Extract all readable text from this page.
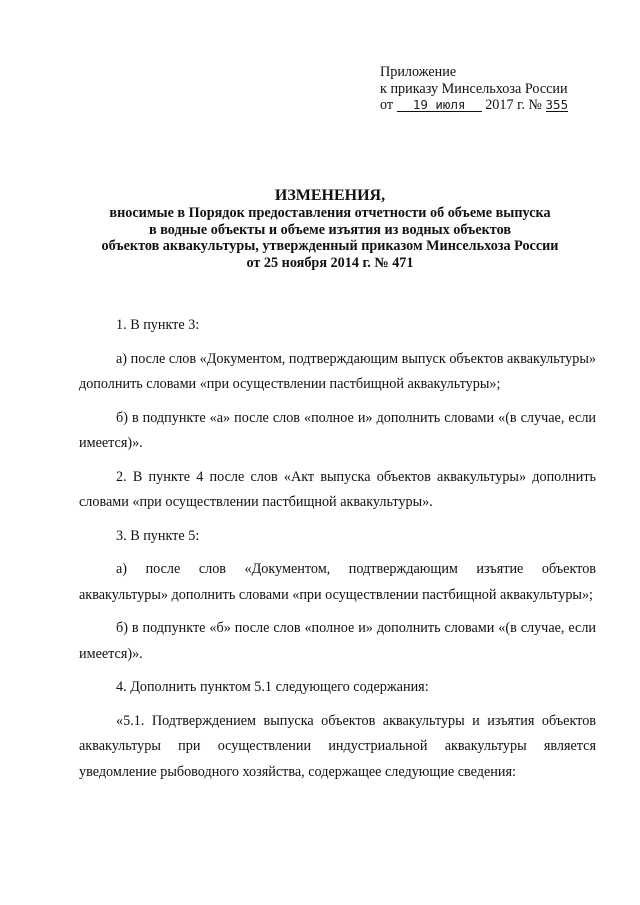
Приложение
к приказу Минсельхоза России
от 19 июля 2017 г. № 355
ИЗМЕНЕНИЯ,
вносимые в Порядок предоставления отчетности об объеме выпуска
в водные объекты и объеме изъятия из водных объектов
объектов аквакультуры, утвержденный приказом Минсельхоза России
от 25 ноября 2014 г. № 471

1. В пункте 3:

а) после слов «Документом, подтверждающим выпуск объектов аквакультуры» дополнить словами «при осуществлении пастбищной аквакультуры»;

б) в подпункте «а» после слов «полное и» дополнить словами «(в случае, если имеется)».

2. В пункте 4 после слов «Акт выпуска объектов аквакультуры» дополнить словами «при осуществлении пастбищной аквакультуры».

3. В пункте 5:

а) после слов «Документом, подтверждающим изъятие объектов аквакультуры» дополнить словами «при осуществлении пастбищной аквакультуры»;

б) в подпункте «б» после слов «полное и» дополнить словами «(в случае, если имеется)».

4. Дополнить пунктом 5.1 следующего содержания:

«5.1. Подтверждением выпуска объектов аквакультуры и изъятия объектов аквакультуры при осуществлении индустриальной аквакультуры является уведомление рыбоводного хозяйства, содержащее следующие сведения:
